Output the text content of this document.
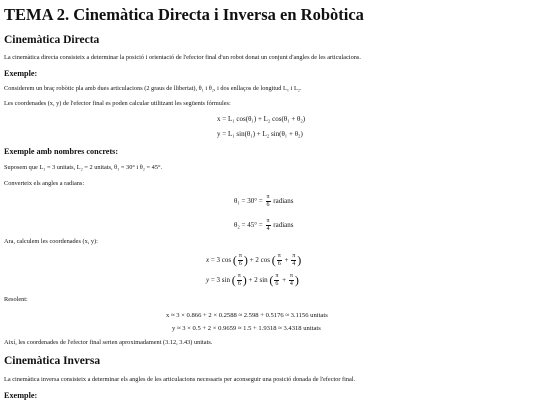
TEMA 2. Cinemàtica Directa i Inversa en Robòtica
Cinemàtica Directa

La cinemàtica directa consisteix a determinar la posició i orientació de l'efector final d'un robot donat un conjunt d'angles de les articulacions.

Exemple:

Considerem un braç robòtic pla amb dues articulacions (2 graus de llibertat), θ₁ i θ₂, i dos enllaços de longitud L₁ i L₂.

Les coordenades (x, y) de l'efector final es poden calcular utilitzant les següents fórmules:

x = L₁ cos(θ₁) + L₂ cos(θ₁ + θ₂)
y = L₁ sin(θ₁) + L₂ sin(θ₁ + θ₂)
Exemple amb nombres concrets:

Suposem que L₁ = 3 unitats, L₂ = 2 unitats, θ₁ = 30° i θ₂ = 45°.

Converteix els angles a radians:

$\theta_1 = 30^\circ = \frac{\pi}{6}$ radians
$\theta_2 = 45^\circ = \frac{\pi}{4}$ radians

Ara, calculem les coordenades (x, y):

x = 3 cos ( $\frac{\pi}{6}$ ) + 2 cos ( $\frac{\pi}{6} + \frac{\pi}{4}$ )
y = 3 sin ( $\frac{\pi}{6}$ ) + 2 sin ( $\frac{\pi}{6} + \frac{\pi}{4}$ )

Resolent:

x ≈ 3 × 0.866 + 2 × 0.2588 ≈ 2.598 + 0.5176 ≈ 3.1156 unitats
y ≈ 3 × 0.5 + 2 × 0.9659 ≈ 1.5 + 1.9318 ≈ 3.4318 unitats

Així, les coordenades de l'efector final serien aproximadament (3.12, 3.43) unitats.

Cinemàtica Inversa

La cinemàtica inversa consisteix a determinar els angles de les articulacions necessaris per aconseguir una posició donada de l'efector final.

Exemple:
